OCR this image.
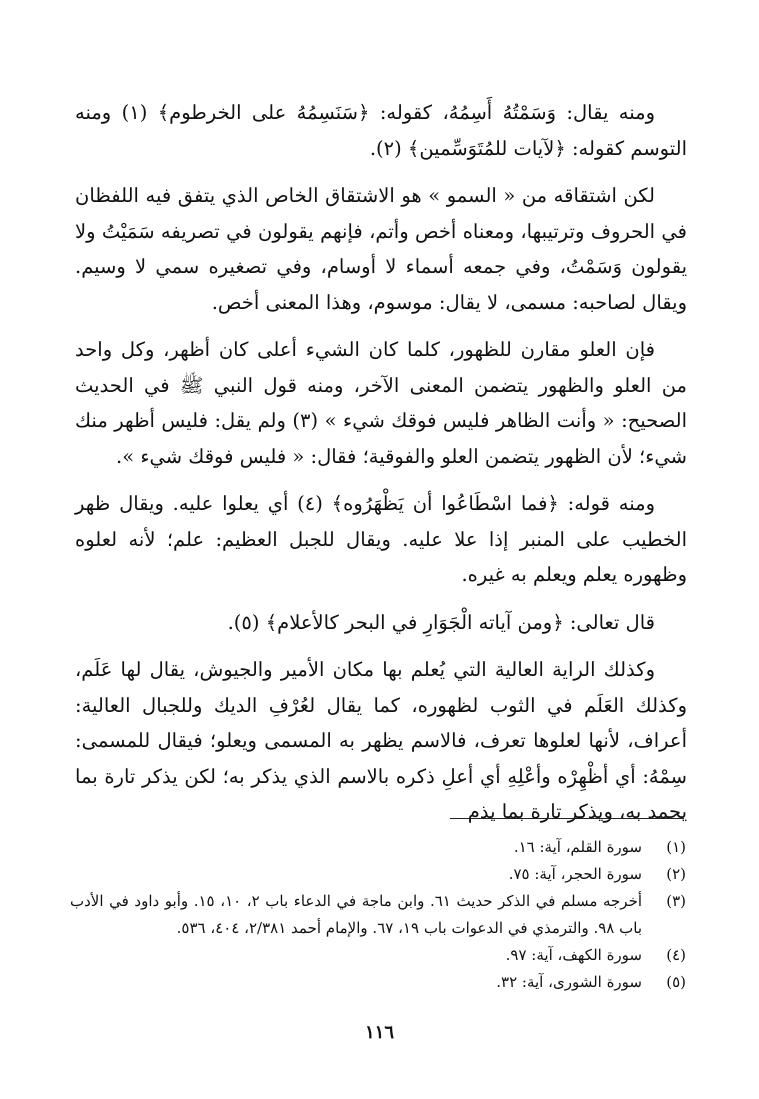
ومنه يقال: وَسَمْتُهُ أَسِمُهُ، كقوله: ﴿سَنَسِمُهُ على الخرطوم﴾ (١) ومنه التوسم كقوله: ﴿لآيات للمُتَوَسِّمين﴾ (٢).

لكن اشتقاقه من « السمو » هو الاشتقاق الخاص الذي يتفق فيه اللفظان في الحروف وترتيبها، ومعناه أخص وأتم، فإنهم يقولون في تصريفه سَمَيْتُ ولا يقولون وَسَمْتُ، وفي جمعه أسماء لا أوسام، وفي تصغيره سمي لا وسيم. ويقال لصاحبه: مسمى، لا يقال: موسوم، وهذا المعنى أخص.

فإن العلو مقارن للظهور، كلما كان الشيء أعلى كان أظهر، وكل واحد من العلو والظهور يتضمن المعنى الآخر، ومنه قول النبي ﷺ في الحديث الصحيح: « وأنت الظاهر فليس فوقك شيء » (٣) ولم يقل: فليس أظهر منك شيء؛ لأن الظهور يتضمن العلو والفوقية؛ فقال: « فليس فوقك شيء ».

ومنه قوله: ﴿فما اسْطَاعُوا أن يَظْهَرُوه﴾ (٤) أي يعلوا عليه. ويقال ظهر الخطيب على المنبر إذا علا عليه. ويقال للجبل العظيم: علم؛ لأنه لعلوه وظهوره يعلم ويعلم به غيره.

قال تعالى: ﴿ومن آياته الْجَوَارِ في البحر كالأعلام﴾ (٥).

وكذلك الراية العالية التي يُعلم بها مكان الأمير والجيوش، يقال لها عَلَم، وكذلك العَلَم في الثوب لظهوره، كما يقال لعُرْفِ الديك وللجبال العالية: أعراف، لأنها لعلوها تعرف، فالاسم يظهر به المسمى ويعلو؛ فيقال للمسمى: سِمْهُ: أي أظْهِرْه وأعْلِهِ أي أعلِ ذكره بالاسم الذي يذكر به؛ لكن يذكر تارة بما يحمد به، ويذكر تارة بما يذم

(١)
سورة القلم، آية: ١٦.
(٢)
سورة الحجر، آية: ٧٥.
(٣)
أخرجه مسلم في الذكر حديث ٦١. وابن ماجة في الدعاء باب ٢، ١٠، ١٥. وأبو داود في الأدب باب ٩٨. والترمذي في الدعوات باب ١٩، ٦٧. والإمام أحمد ٢/٣٨١، ٤٠٤، ٥٣٦.
(٤)
سورة الكهف، آية: ٩٧.
(٥)
سورة الشورى، آية: ٣٢.
١١٦
